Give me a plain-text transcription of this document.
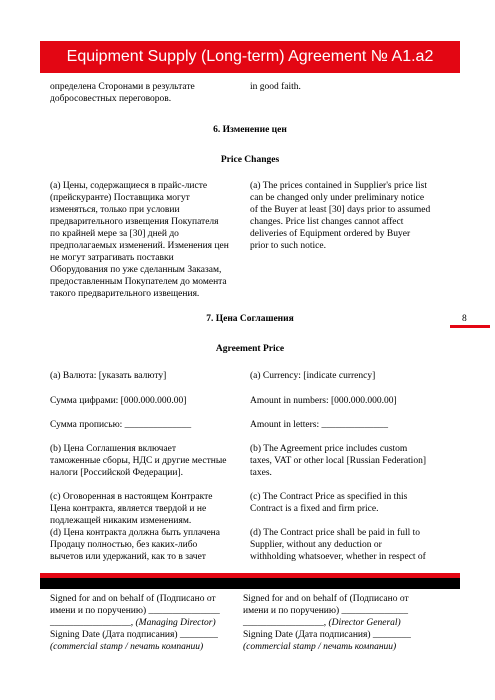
Equipment Supply (Long-term) Agreement № A1.a2
определена Сторонами в результате
добросовестных переговоров.
in good faith.
6. Изменение цен
Price Changes
(a) Цены, содержащиеся в прайс-листе
(прейскуранте) Поставщика могут
изменяться, только при условии
предварительного извещения Покупателя
по крайней мере за [30] дней до
предполагаемых изменений. Изменения цен
не могут затрагивать поставки
Оборудования по уже сделанным Заказам,
предоставленным Покупателем до момента
такого предварительного извещения.
(a) The prices contained in Supplier's price list
can be changed only under preliminary notice
of the Buyer at least [30] days prior to assumed
changes. Price list changes cannot affect
deliveries of Equipment ordered by Buyer
prior to such notice.
8
7. Цена Соглашения
Agreement Price
(a) Валюта: [указать валюту]	(a) Currency: [indicate currency]
Сумма цифрами: [000.000.000.00]	Amount in numbers: [000.000.000.00]
Сумма прописью: ______________	Amount in letters: ______________
(b) Цена Соглашения включает
таможенные сборы, НДС и другие местные
налоги [Российской Федерации].
(b) The Agreement price includes custom
taxes, VAT or other local [Russian Federation]
taxes.
(c) Оговоренная в настоящем Контракте
Цена контракта, является твердой и не
подлежащей никаким изменениям.
(c) The Contract Price as specified in this
Contract is a fixed and firm price.
(d) Цена контракта должна быть уплачена
Продацу полностью, без каких-либо
вычетов или удержаний, как то в зачет
(d) The Contract price shall be paid in full to
Supplier, without any deduction or
withholding whatsoever, whether in respect of
Signed for and on behalf of (Подписано от
имени и по поручению) _______________
_________________, (Managing Director)
Signing Date (Дата подписания) ________
(commercial stamp / печать компании)
Signed for and on behalf of (Подписано от
имени и по поручению) ______________
_________________, (Director General)
Signing Date (Дата подписания) ________
(commercial stamp / печать компании)
